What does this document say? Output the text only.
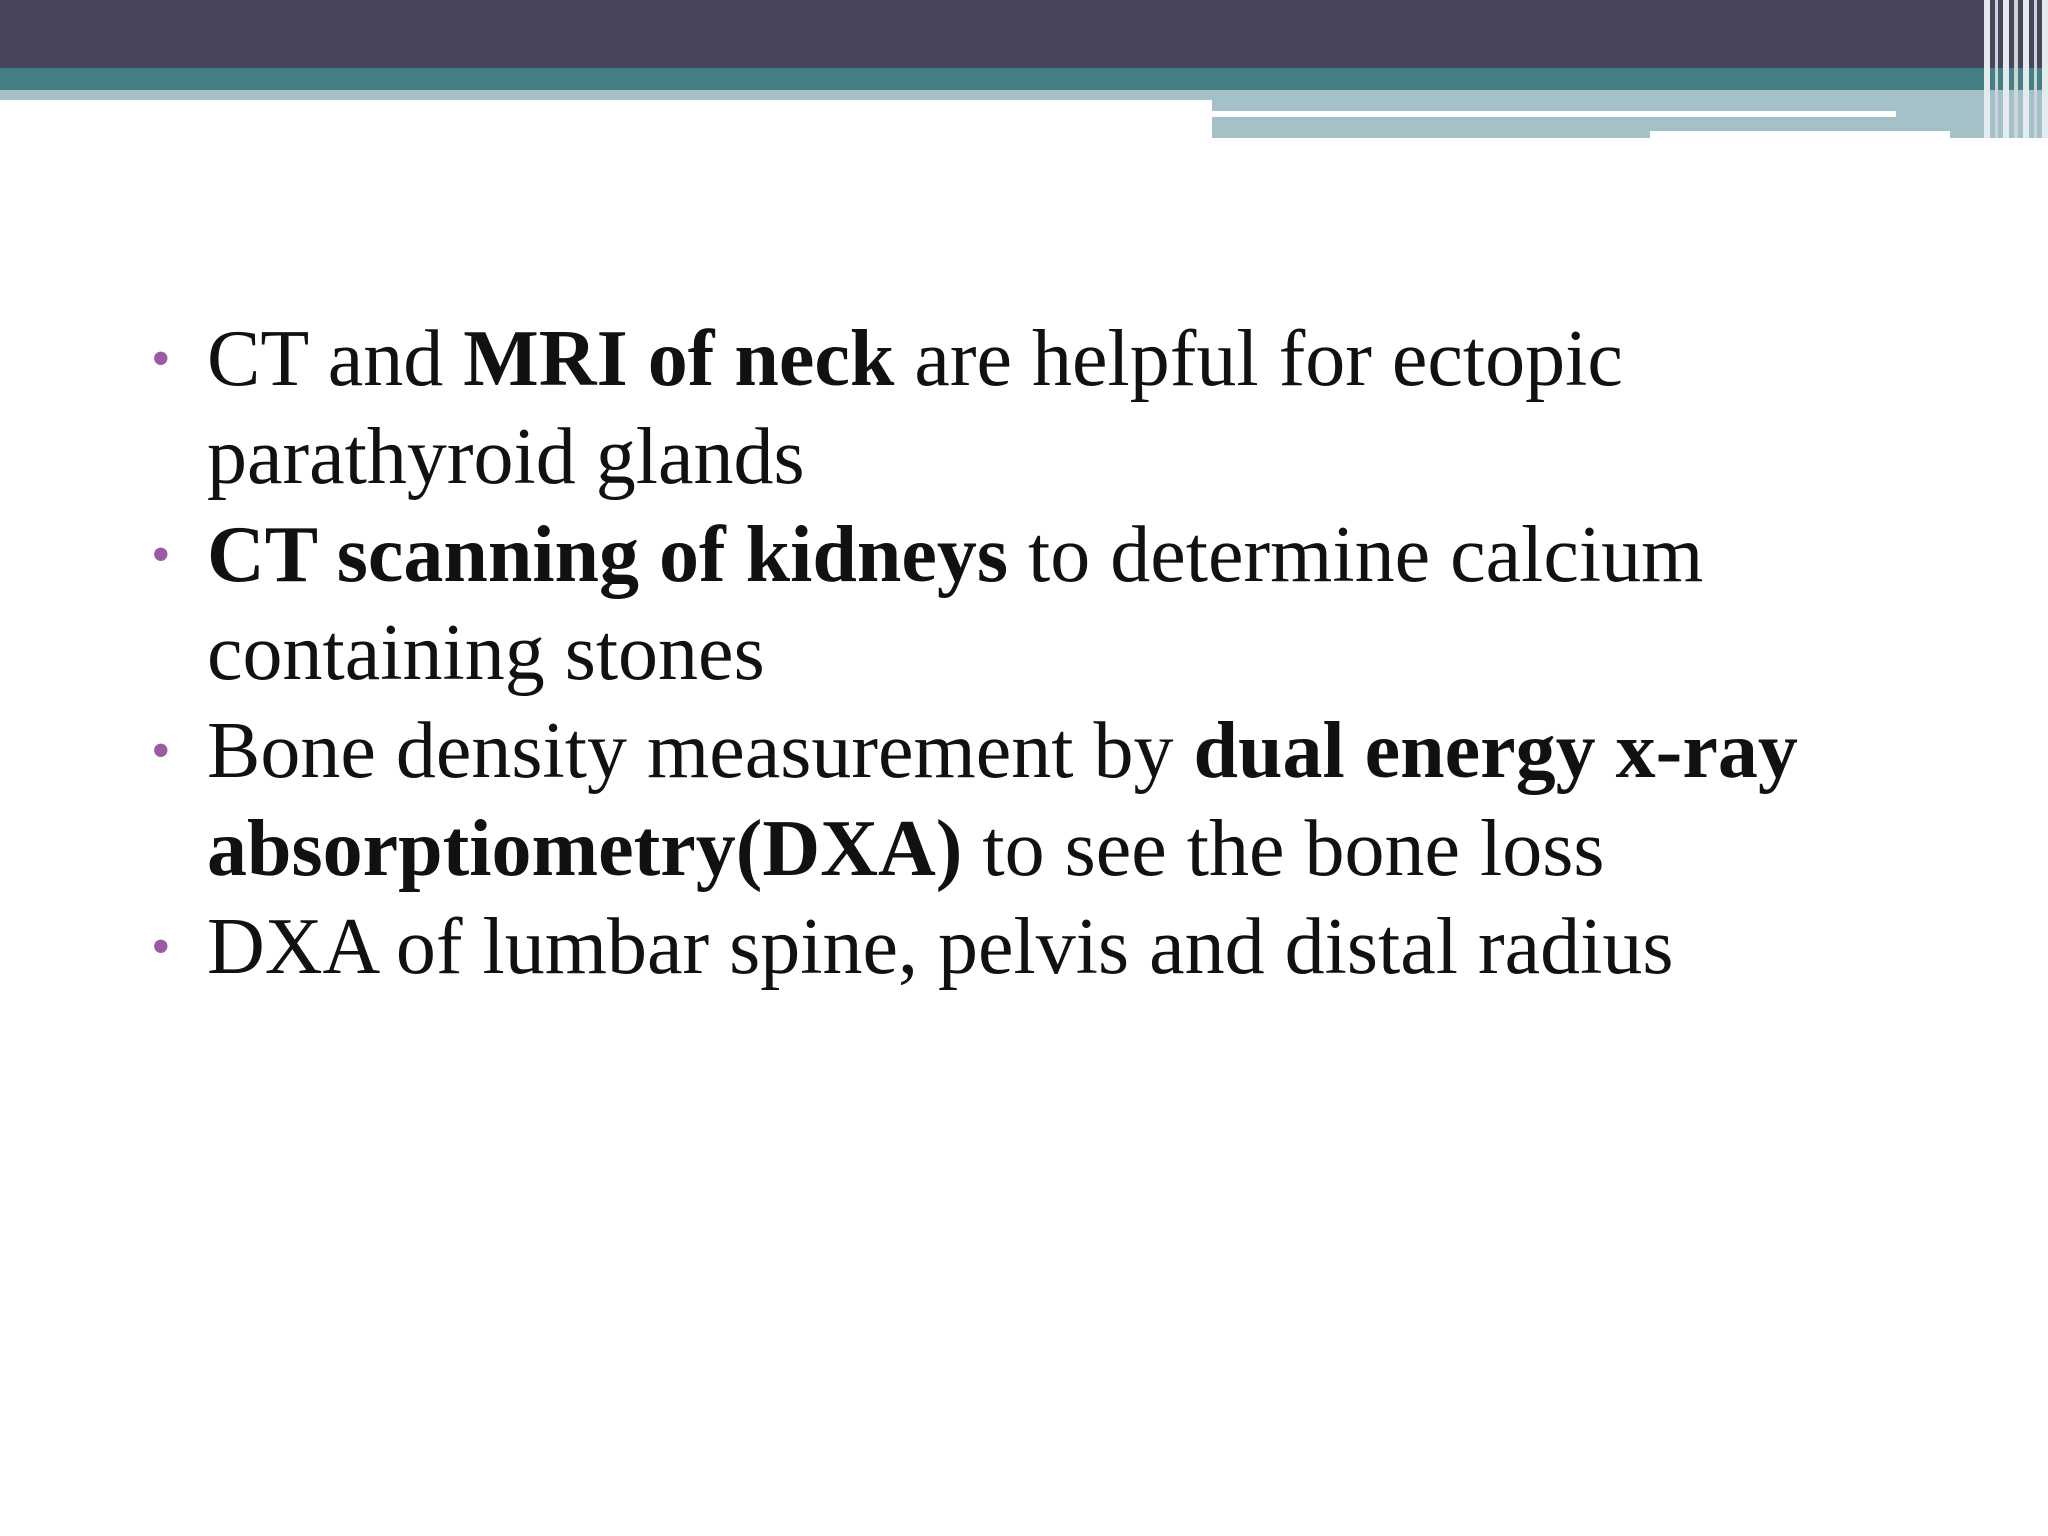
• CT and MRI of neck are helpful for ectopic parathyroid glands
• CT scanning of kidneys to determine calcium containing stones
• Bone density measurement by dual energy x-ray absorptiometry(DXA) to see the bone loss
• DXA of lumbar spine, pelvis and distal radius
